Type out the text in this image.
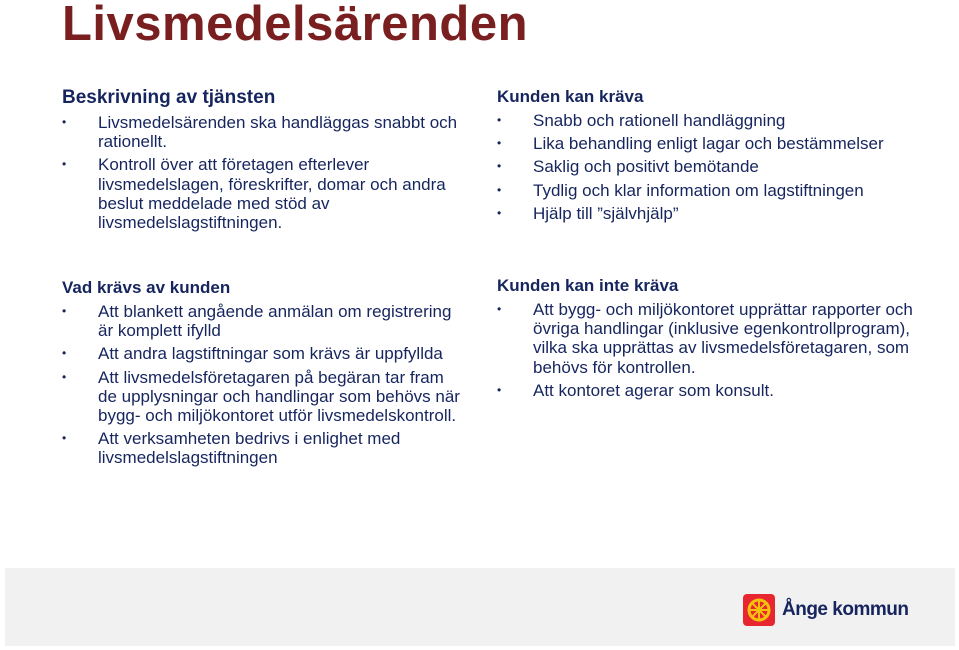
Livsmedelsärenden
Beskrivning av tjänsten
• Livsmedelsärenden ska handläggas snabbt och rationellt.
• Kontroll över att företagen efterlever livsmedelslagen, föreskrifter, domar och andra beslut meddelade med stöd av livsmedelslagstiftningen.
Vad krävs av kunden
• Att blankett angående anmälan om registrering är komplett ifylld
• Att andra lagstiftningar som krävs är uppfyllda
• Att livsmedelsföretagaren på begäran tar fram de upplysningar och handlingar som behövs när bygg- och miljökontoret utför livsmedelskontroll.
• Att verksamheten bedrivs i enlighet med livsmedelslagstiftningen
Kunden kan kräva
• Snabb och rationell handläggning
• Lika behandling enligt lagar och bestämmelser
• Saklig och positivt bemötande
• Tydlig och klar information om lagstiftningen
• Hjälp till ”självhjälp”
Kunden kan inte kräva
• Att bygg- och miljökontoret upprättar rapporter och övriga handlingar (inklusive egenkontrollprogram), vilka ska upprättas av livsmedelsföretagaren, som behövs för kontrollen.
• Att kontoret agerar som konsult.
Ånge kommun
